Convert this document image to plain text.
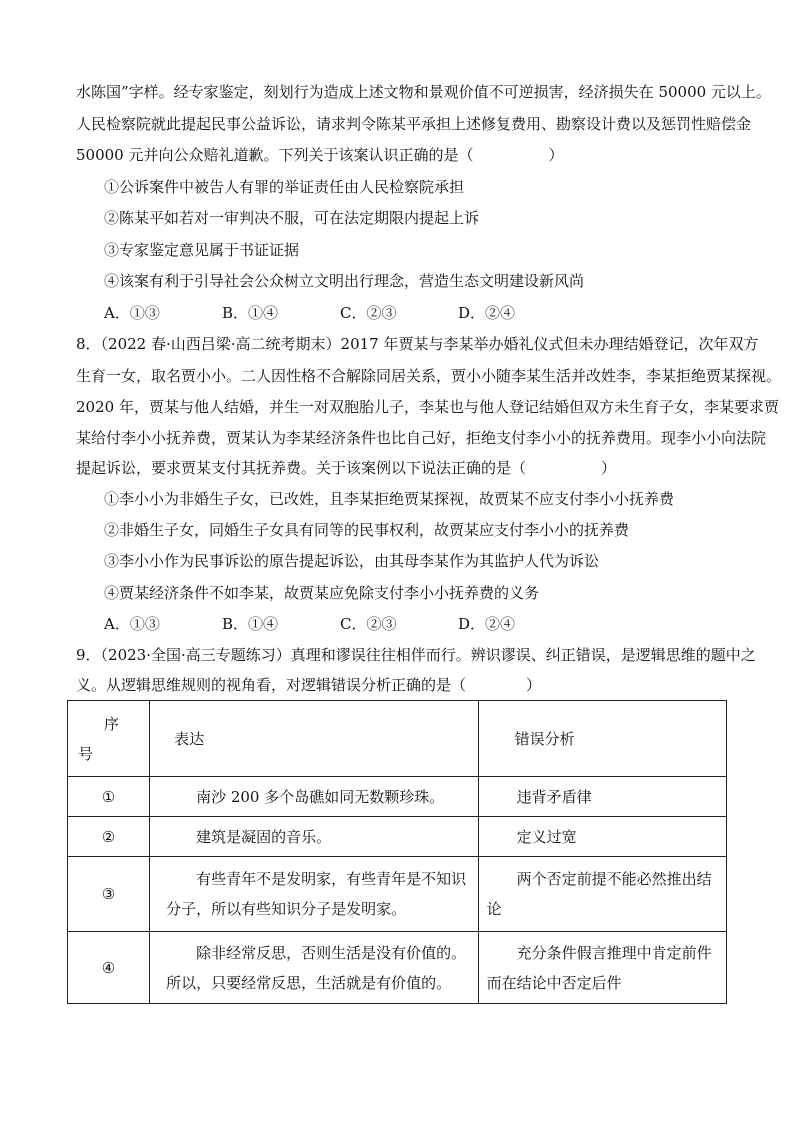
水陈国”字样。经专家鉴定，刻划行为造成上述文物和景观价值不可逆损害，经济损失在 50000 元以上。
人民检察院就此提起民事公益诉讼，请求判令陈某平承担上述修复费用、勘察设计费以及惩罚性赔偿金
50000 元并向公众赔礼道歉。下列关于该案认识正确的是（　　　　　）
①公诉案件中被告人有罪的举证责任由人民检察院承担
②陈某平如若对一审判决不服，可在法定期限内提起上诉
③专家鉴定意见属于书证证据
④该案有利于引导社会公众树立文明出行理念，营造生态文明建设新风尚
A．①③	B．①④	C．②③	D．②④
8．（2022 春·山西吕梁·高二统考期末）2017 年贾某与李某举办婚礼仪式但未办理结婚登记，次年双方
生育一女，取名贾小小。二人因性格不合解除同居关系，贾小小随李某生活并改姓李，李某拒绝贾某探视。
2020 年，贾某与他人结婚，并生一对双胞胎儿子，李某也与他人登记结婚但双方未生育子女，李某要求贾
某给付李小小抚养费，贾某认为李某经济条件也比自己好，拒绝支付李小小的抚养费用。现李小小向法院
提起诉讼，要求贾某支付其抚养费。关于该案例以下说法正确的是（　　　　　）
①李小小为非婚生子女，已改姓，且李某拒绝贾某探视，故贾某不应支付李小小抚养费
②非婚生子女，同婚生子女具有同等的民事权利，故贾某应支付李小小的抚养费
③李小小作为民事诉讼的原告提起诉讼，由其母李某作为其监护人代为诉讼
④贾某经济条件不如李某，故贾某应免除支付李小小抚养费的义务
A．①③	B．①④	C．②③	D．②④
9．（2023·全国·高三专题练习）真理和谬误往往相伴而行。辨识谬误、纠正错误，是逻辑思维的题中之
义。从逻辑思维规则的视角看，对逻辑错误分析正确的是（　　　　）
序
号	表达	错误分析
①	南沙 200 多个岛礁如同无数颗珍珠。	违背矛盾律
②	建筑是凝固的音乐。	定义过宽
③	有些青年不是发明家，有些青年是不知识分子，所以有些知识分子是发明家。	两个否定前提不能必然推出结论
④	除非经常反思，否则生活是没有价值的。所以，只要经常反思，生活就是有价值的。	充分条件假言推理中肯定前件而在结论中否定后件
